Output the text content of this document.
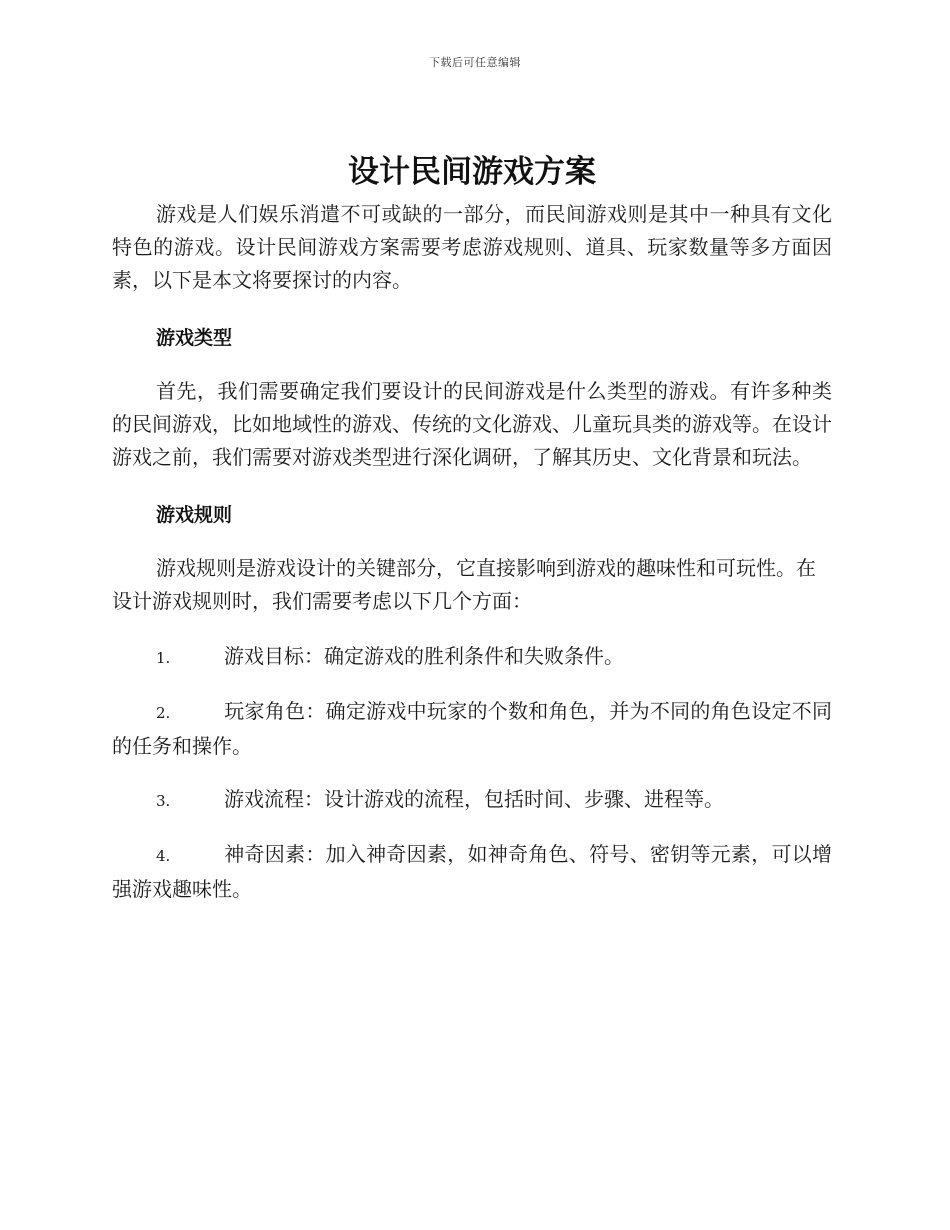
下载后可任意编辑
设计民间游戏方案

游戏是人们娱乐消遣不可或缺的一部分，而民间游戏则是其中一种具有文化特色的游戏。设计民间游戏方案需要考虑游戏规则、道具、玩家数量等多方面因素，以下是本文将要探讨的内容。

游戏类型

首先，我们需要确定我们要设计的民间游戏是什么类型的游戏。有许多种类的民间游戏，比如地域性的游戏、传统的文化游戏、儿童玩具类的游戏等。在设计游戏之前，我们需要对游戏类型进行深化调研，了解其历史、文化背景和玩法。

游戏规则

游戏规则是游戏设计的关键部分，它直接影响到游戏的趣味性和可玩性。在设计游戏规则时，我们需要考虑以下几个方面：

1.	游戏目标：确定游戏的胜利条件和失败条件。
2.	玩家角色：确定游戏中玩家的个数和角色，并为不同的角色设定不同的任务和操作。
3.	游戏流程：设计游戏的流程，包括时间、步骤、进程等。
4.	神奇因素：加入神奇因素，如神奇角色、符号、密钥等元素，可以增强游戏趣味性。
